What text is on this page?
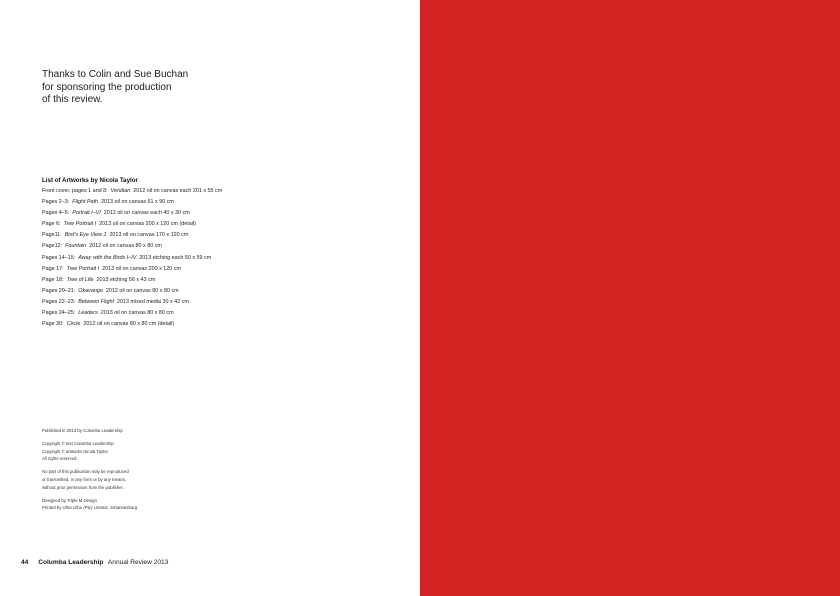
Thanks to Colin and Sue Buchan
for sponsoring the production
of this review.
List of Artworks by Nicola Taylor
Front cover, pages 1 and 8: Veridian 2012 oil on canvas each 201 x 55 cm
Pages 2–3: Flight Path 2013 oil on canvas 61 x 90 cm
Pages 4–5: Portrait I–VI 2012 oil on canvas each 40 x 30 cm
Page 6: Tree Portrait I 2013 oil on canvas 200 x 120 cm (detail)
Page11: Bird’s Eye View 1 2013 oil on canvas 170 x 120 cm
Page12: Fountain 2012 oil on canvas 80 x 80 cm
Pages 14–15: Away with the Birds I–IV 2013 etching each 50 x 59 cm
Page 17: Tree Portrait I 2013 oil on canvas 200 x 120 cm
Page 18: Tree of Life 2013 etching 56 x 43 cm
Pages 20–21: Okavango 2012 oil on canvas 80 x 80 cm
Pages 22–23: Between Flight 2013 mixed media 30 x 42 cm
Pages 24–25: Leaders 2013 oil on canvas 80 x 80 cm
Page 30: Circle 2012 oil on canvas 80 x 80 cm (detail)
Published in 2013 by Columba Leadership
Copyright © text Columba Leadership
Copyright © artworks Nicola Taylor
All rights reserved.
No part of this publication may be reproduced
or transmitted, in any form or by any means,
without prior permission from the publisher.
Designed by Triple M Design
Printed by Ultra Litho (Pty) Limited, Johannesburg
44 Columba Leadership Annual Review 2013
